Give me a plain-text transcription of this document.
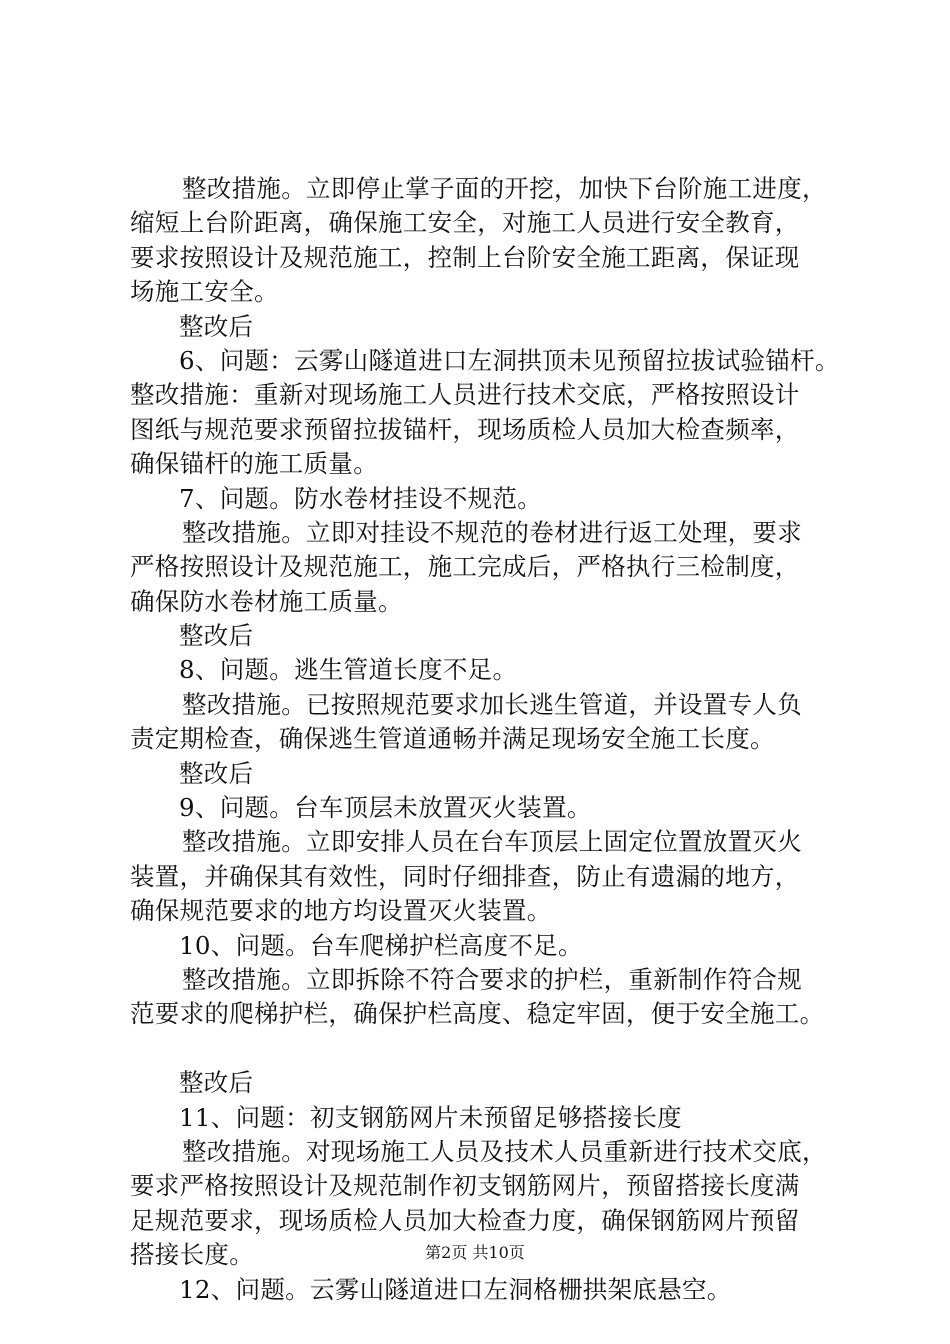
整改措施。立即停止掌子面的开挖，加快下台阶施工进度，
缩短上台阶距离，确保施工安全，对施工人员进行安全教育，
要求按照设计及规范施工，控制上台阶安全施工距离，保证现
场施工安全。
整改后
6、问题：云雾山隧道进口左洞拱顶未见预留拉拔试验锚杆。
整改措施：重新对现场施工人员进行技术交底，严格按照设计
图纸与规范要求预留拉拔锚杆，现场质检人员加大检查频率，
确保锚杆的施工质量。
7、问题。防水卷材挂设不规范。
整改措施。立即对挂设不规范的卷材进行返工处理，要求
严格按照设计及规范施工，施工完成后，严格执行三检制度，
确保防水卷材施工质量。
整改后
8、问题。逃生管道长度不足。
整改措施。已按照规范要求加长逃生管道，并设置专人负
责定期检查，确保逃生管道通畅并满足现场安全施工长度。
整改后
9、问题。台车顶层未放置灭火装置。
整改措施。立即安排人员在台车顶层上固定位置放置灭火
装置，并确保其有效性，同时仔细排查，防止有遗漏的地方，
确保规范要求的地方均设置灭火装置。
10、问题。台车爬梯护栏高度不足。
整改措施。立即拆除不符合要求的护栏，重新制作符合规
范要求的爬梯护栏，确保护栏高度、稳定牢固，便于安全施工。
整改后
11、问题：初支钢筋网片未预留足够搭接长度
整改措施。对现场施工人员及技术人员重新进行技术交底，
要求严格按照设计及规范制作初支钢筋网片，预留搭接长度满
足规范要求，现场质检人员加大检查力度，确保钢筋网片预留
搭接长度。
12、问题。云雾山隧道进口左洞格栅拱架底悬空。
第2页 共10页
